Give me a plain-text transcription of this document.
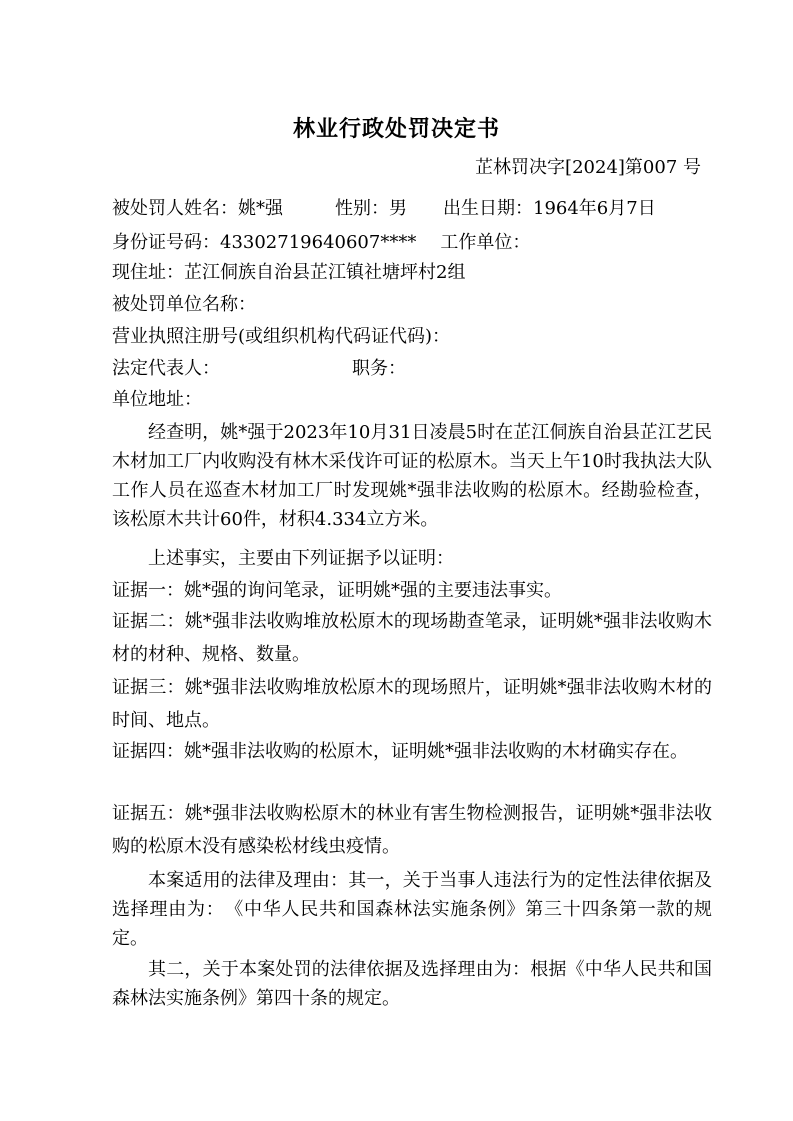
林业行政处罚决定书
芷林罚决字[2024]第007 号
被处罚人姓名：姚*强	性别：男 出生日期：1964年6月7日
身份证号码：43302719640607**** 工作单位：
现住址：芷江侗族自治县芷江镇社塘坪村2组
被处罚单位名称：
营业执照注册号(或组织机构代码证代码)：
法定代表人：	职务：
单位地址：
经查明，姚*强于2023年10月31日凌晨5时在芷江侗族自治县芷江艺民木材加工厂内收购没有林木采伐许可证的松原木。当天上午10时我执法大队工作人员在巡查木材加工厂时发现姚*强非法收购的松原木。经勘验检查，该松原木共计60件，材积4.334立方米。
上述事实，主要由下列证据予以证明：
证据一：姚*强的询问笔录，证明姚*强的主要违法事实。
证据二：姚*强非法收购堆放松原木的现场勘查笔录，证明姚*强非法收购木材的材种、规格、数量。
证据三：姚*强非法收购堆放松原木的现场照片，证明姚*强非法收购木材的时间、地点。
证据四：姚*强非法收购的松原木，证明姚*强非法收购的木材确实存在。
证据五：姚*强非法收购松原木的林业有害生物检测报告，证明姚*强非法收购的松原木没有感染松材线虫疫情。
本案适用的法律及理由：其一，关于当事人违法行为的定性法律依据及选择理由为：　《中华人民共和国森林法实施条例》第三十四条第一款的规定。
其二，关于本案处罚的法律依据及选择理由为：根据《中华人民共和国森林法实施条例》第四十条的规定。
